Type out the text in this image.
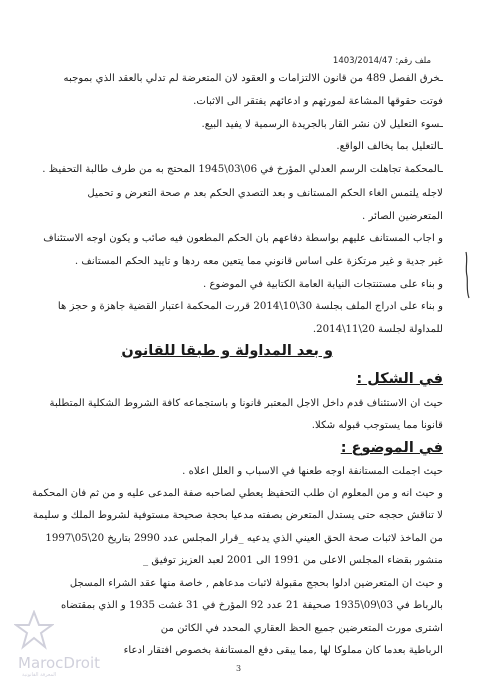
ملف رقم: 1403/2014/47
ـخرق الفصل 489 من قانون الالتزامات و العقود لان المتعرضة لم تدلي بالعقد الذي بموجبه
فوتت حقوقها المشاعة لمورثهم و ادعائهم يفتقر الى الاثبات.
ـسوء التعليل لان نشر القار بالجريدة الرسمية لا يفيد البيع.
ـالتعليل بما يخالف الواقع.
ـالمحكمة تجاهلت الرسم العدلي المؤرخ في 06\03\1945 المحتج به من طرف طالبة التحفيظ .
لاجله يلتمس الغاء الحكم المستانف و بعد التصدي الحكم بعد م صحة التعرض و تحميل
المتعرضين الصائر .
و اجاب المستانف عليهم بواسطة دفاعهم بان الحكم المطعون فيه صائب و يكون اوجه الاستئناف
غير جدية و غير مرتكزة على اساس قانوني مما يتعين معه ردها و تاييد الحكم المستانف .
و بناء على مستنتجات النيابة العامة الكتابية في الموضوع .
و بناء على ادراج الملف بجلسة 30\10\2014 قررت المحكمة اعتبار القضية جاهزة و حجز ها
للمداولة لجلسة 20\11\2014.
و بعد المداولة و طبقا للقانون
في الشكل :
حيث ان الاستئناف قدم داخل الاجل المعتبر قانونا و باستجماعه كافة الشروط الشكلية المتطلبة
قانونا مما يستوجب قبوله شكلا.
في الموضوع :
حيث اجملت المستانفة اوجه طعنها في الاسباب و العلل اعلاه .
و حيث انه و من المعلوم ان طلب التحفيظ يعطي لصاحبه صفة المدعى عليه و من ثم فان المحكمة
لا تناقش حججه حتى يستدل المتعرض بصفته مدعيا بحجة صحيحة مستوفية لشروط الملك و سليمة
من الماخذ لاثبات صحة الحق العيني الذي يدعيه _قرار المجلس عدد 2990 بتاريخ 20\05\1997
منشور بقضاء المجلس الاعلى من 1991 الى 2001 لعبد العزيز توفيق _
و حيث ان المتعرضين ادلوا بحجج مقبولة لاثبات مدعاهم , خاصة منها عقد الشراء المسجل
بالرباط في 03\09\1935 صحيفة 21 عدد 92 المؤرخ في 31 غشت 1935 و الذي بمقتضاه
اشترى مورث المتعرضين جميع الحظ العقاري المحدد في الكائن من
الرباطية بعدما كان مملوكا لها ,مما يبقى دفع المستانفة بخصوص افتقار ادعاء
3
MarocDroit
المعرفة القانونية
